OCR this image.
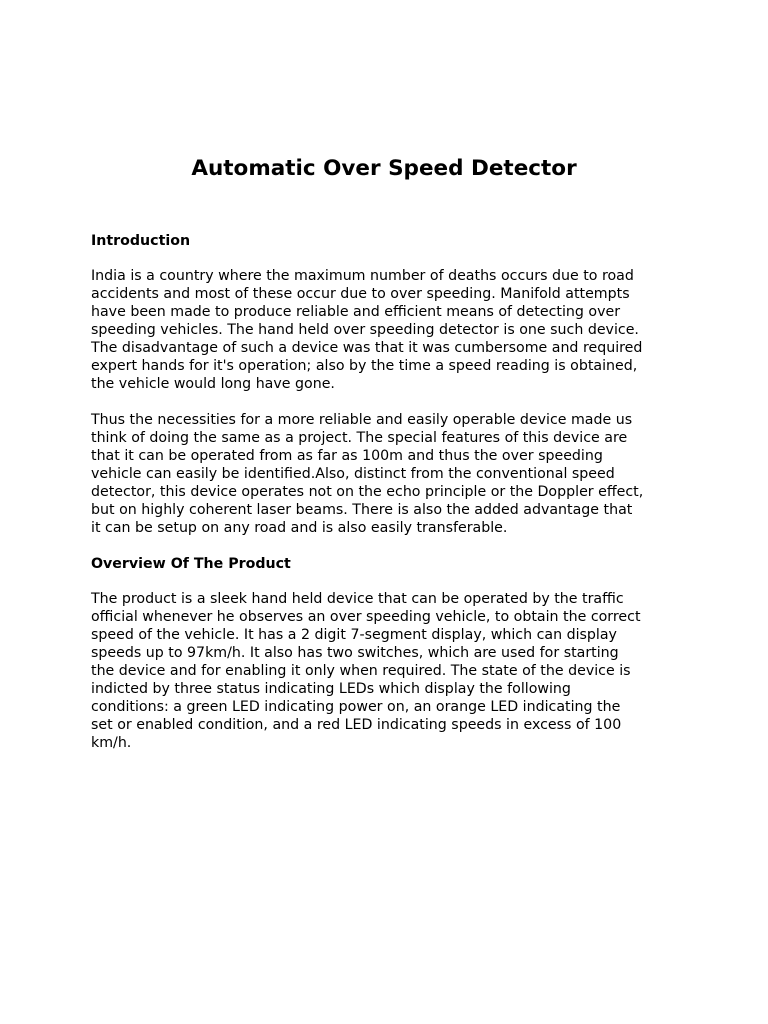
Automatic Over Speed Detector
Introduction

India is a country where the maximum number of deaths occurs due to road
accidents and most of these occur due to over speeding. Manifold attempts
have been made to produce reliable and efficient means of detecting over
speeding vehicles. The hand held over speeding detector is one such device.
The disadvantage of such a device was that it was cumbersome and required
expert hands for it's operation; also by the time a speed reading is obtained,
the vehicle would long have gone.

Thus the necessities for a more reliable and easily operable device made us
think of doing the same as a project. The special features of this device are
that it can be operated from as far as 100m and thus the over speeding
vehicle can easily be identified.Also, distinct from the conventional speed
detector, this device operates not on the echo principle or the Doppler effect,
but on highly coherent laser beams. There is also the added advantage that
it can be setup on any road and is also easily transferable.

Overview Of The Product

The product is a sleek hand held device that can be operated by the traffic
official whenever he observes an over speeding vehicle, to obtain the correct
speed of the vehicle. It has a 2 digit 7-segment display, which can display
speeds up to 97km/h. It also has two switches, which are used for starting
the device and for enabling it only when required. The state of the device is
indicted by three status indicating LEDs which display the following
conditions: a green LED indicating power on, an orange LED indicating the
set or enabled condition, and a red LED indicating speeds in excess of 100
km/h.
